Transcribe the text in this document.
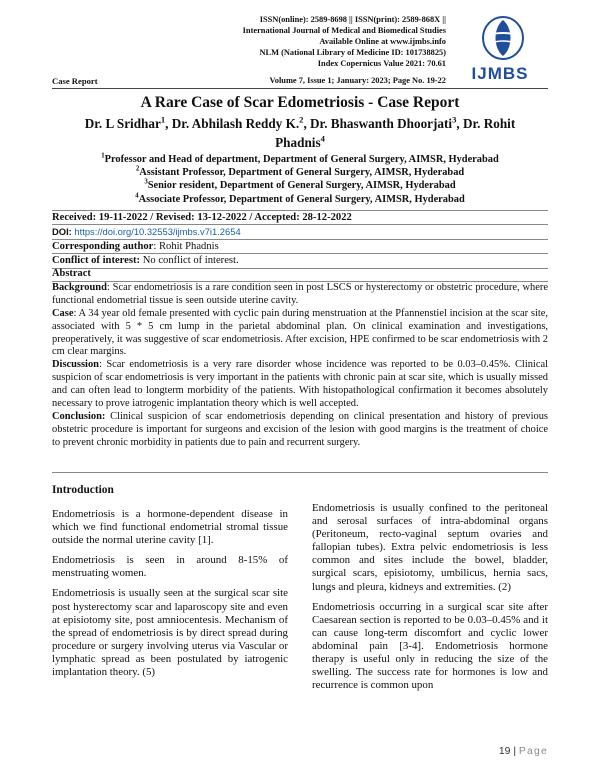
ISSN(online): 2589-8698 || ISSN(print): 2589-868X ||
International Journal of Medical and Biomedical Studies
Available Online at www.ijmbs.info
NLM (National Library of Medicine ID: 101738825)
Index Copernicus Value 2021: 70.61
Case Report	Volume 7, Issue 1; January: 2023; Page No. 19-22	IJMBS
A Rare Case of Scar Edometriosis - Case Report
Dr. L Sridhar$^1$, Dr. Abhilash Reddy K.$^2$, Dr. Bhaswanth Dhoorjati$^3$, Dr. Rohit Phadnis$^4$
$^1$Professor and Head of department, Department of General Surgery, AIMSR, Hyderabad
$^2$Assistant Professor, Department of General Surgery, AIMSR, Hyderabad
$^3$Senior resident, Department of General Surgery, AIMSR, Hyderabad
$^4$Associate Professor, Department of General Surgery, AIMSR, Hyderabad
Received: 19-11-2022 / Revised: 13-12-2022 / Accepted: 28-12-2022
DOI: https://doi.org/10.32553/ijmbs.v7i1.2654
Corresponding author: Rohit Phadnis
Conflict of interest: No conflict of interest.
Abstract

Background: Scar endometriosis is a rare condition seen in post LSCS or hysterectomy or obstetric procedure, where functional endometrial tissue is seen outside uterine cavity.

Case: A 34 year old female presented with cyclic pain during menstruation at the Pfannenstiel incision at the scar site, associated with 5 * 5 cm lump in the parietal abdominal plan. On clinical examination and investigations, preoperatively, it was suggestive of scar endometriosis. After excision, HPE confirmed to be scar endometriosis with 2 cm clear margins.

Discussion: Scar endometriosis is a very rare disorder whose incidence was reported to be 0.03–0.45%. Clinical suspicion of scar endometriosis is very important in the patients with chronic pain at scar site, which is usually missed and can often lead to longterm morbidity of the patients. With histopathological confirmation it becomes absolutely necessary to prove iatrogenic implantation theory which is well accepted.

Conclusion: Clinical suspicion of scar endometriosis depending on clinical presentation and history of previous obstetric procedure is important for surgeons and excision of the lesion with good margins is the treatment of choice to prevent chronic morbidity in patients due to pain and recurrent surgery.

Introduction

Endometriosis is a hormone-dependent disease in which we find functional endometrial stromal tissue outside the normal uterine cavity [1].

Endometriosis is seen in around 8-15% of menstruating women.

Endometriosis is usually seen at the surgical scar site post hysterectomy scar and laparoscopy site and even at episiotomy site, post amniocentesis. Mechanism of the spread of endometriosis is by direct spread during procedure or surgery involving uterus via Vascular or lymphatic spread as been postulated by iatrogenic implantation theory. (5)

Endometriosis is usually confined to the peritoneal and serosal surfaces of intra-abdominal organs (Peritoneum, recto-vaginal septum ovaries and fallopian tubes). Extra pelvic endometriosis is less common and sites include the bowel, bladder, surgical scars, episiotomy, umbilicus, hernia sacs, lungs and pleura, kidneys and extremities. (2)

Endometriosis occurring in a surgical scar site after Caesarean section is reported to be 0.03–0.45% and it can cause long-term discomfort and cyclic lower abdominal pain [3-4]. Endometriosis hormone therapy is useful only in reducing the size of the swelling. The success rate for hormones is low and recurrence is common upon

19 | Page
